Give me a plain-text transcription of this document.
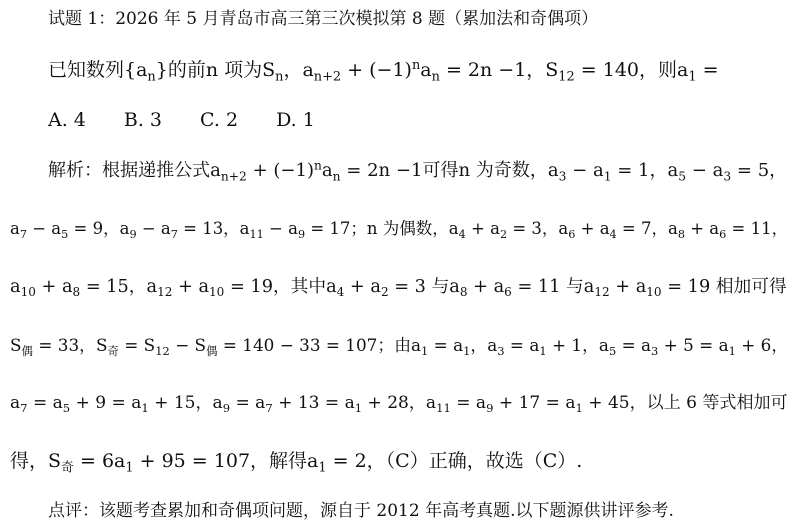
试题 1：2026 年 5 月青岛市高三第三次模拟第 8 题（累加法和奇偶项）
已知数列$\{a_n\}$的前n 项为$S_n$，$a_{n+2} + (-1)^na_n = 2n -1$，$S_{12} = 140$，则$a_1$ =
A. 4 B. 3 C. 2 D. 1
解析：根据递推公式$a_{n+2} + (-1)^na_n = 2n -1$可得n 为奇数，$a_3 - a_1 = 1$，$a_5 - a_3 = 5$，
$a_7 - a_5 = 9$，$a_9 - a_7 = 13$，$a_{11} - a_9 = 17$；n 为偶数，$a_4 + a_2 = 3$，$a_6 + a_4 = 7$，$a_8 + a_6 = 11$，
$a_{10} + a_8 = 15$，$a_{12} + a_{10} = 19$，其中$a_4 + a_2 = 3$ 与$a_8 + a_6 = 11$ 与$a_{12} + a_{10} = 19$ 相加可得
$S_偶 = 33$，$S_奇 = S_{12} - S_偶 = 140 - 33 = 107$；由$a_1 = a_1$，$a_3 = a_1 + 1$，$a_5 = a_3 + 5 = a_1 + 6$，
$a_7 = a_5 + 9 = a_1 + 15$，$a_9 = a_7 + 13 = a_1 + 28$，$a_{11} = a_9 + 17 = a_1 + 45$，以上 6 等式相加可
得，$S_奇 = 6a_1 + 95 = 107$，解得$a_1 = 2$，（C）正确，故选（C）.
点评：该题考查累加和奇偶项问题，源自于 2012 年高考真题.以下题源供讲评参考.
